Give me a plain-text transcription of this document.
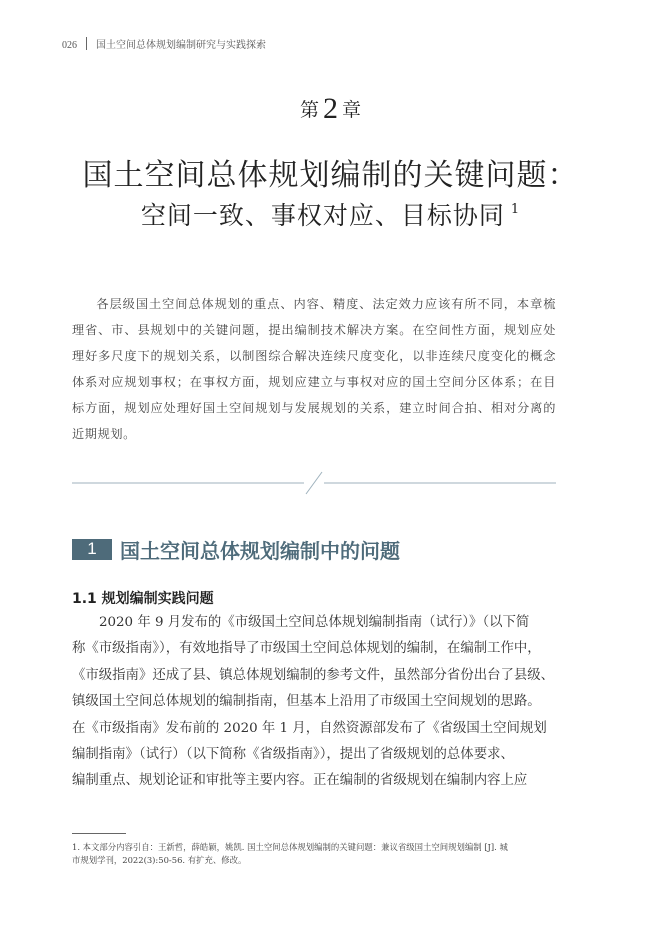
026 国土空间总体规划编制研究与实践探索
第 2 章
国土空间总体规划编制的关键问题：
空间一致、事权对应、目标协同 $^1$
各层级国土空间总体规划的重点、内容、精度、法定效力应该有所不同，本章梳理省、市、县规划中的关键问题，提出编制技术解决方案。在空间性方面，规划应处理好多尺度下的规划关系，以制图综合解决连续尺度变化，以非连续尺度变化的概念体系对应规划事权；在事权方面，规划应建立与事权对应的国土空间分区体系；在目标方面，规划应处理好国土空间规划与发展规划的关系，建立时间合拍、相对分离的近期规划。
1	国土空间总体规划编制中的问题
1.1 规划编制实践问题
2020 年 9 月发布的《市级国土空间总体规划编制指南（试行）》（以下简
称《市级指南》），有效地指导了市级国土空间总体规划的编制，在编制工作中，
《市级指南》还成了县、镇总体规划编制的参考文件，虽然部分省份出台了县级、
镇级国土空间总体规划的编制指南，但基本上沿用了市级国土空间规划的思路。
在《市级指南》发布前的 2020 年 1 月，自然资源部发布了《省级国土空间规划
编制指南》（试行）（以下简称《省级指南》），提出了省级规划的总体要求、
编制重点、规划论证和审批等主要内容。正在编制的省级规划在编制内容上应
1. 本文部分内容引自：王新哲，薛皓颖，姚凯. 国土空间总体规划编制的关键问题：兼议省级国土空间规划编制 [J]. 城
市规划学刊，2022(3):50-56. 有扩充、修改。
